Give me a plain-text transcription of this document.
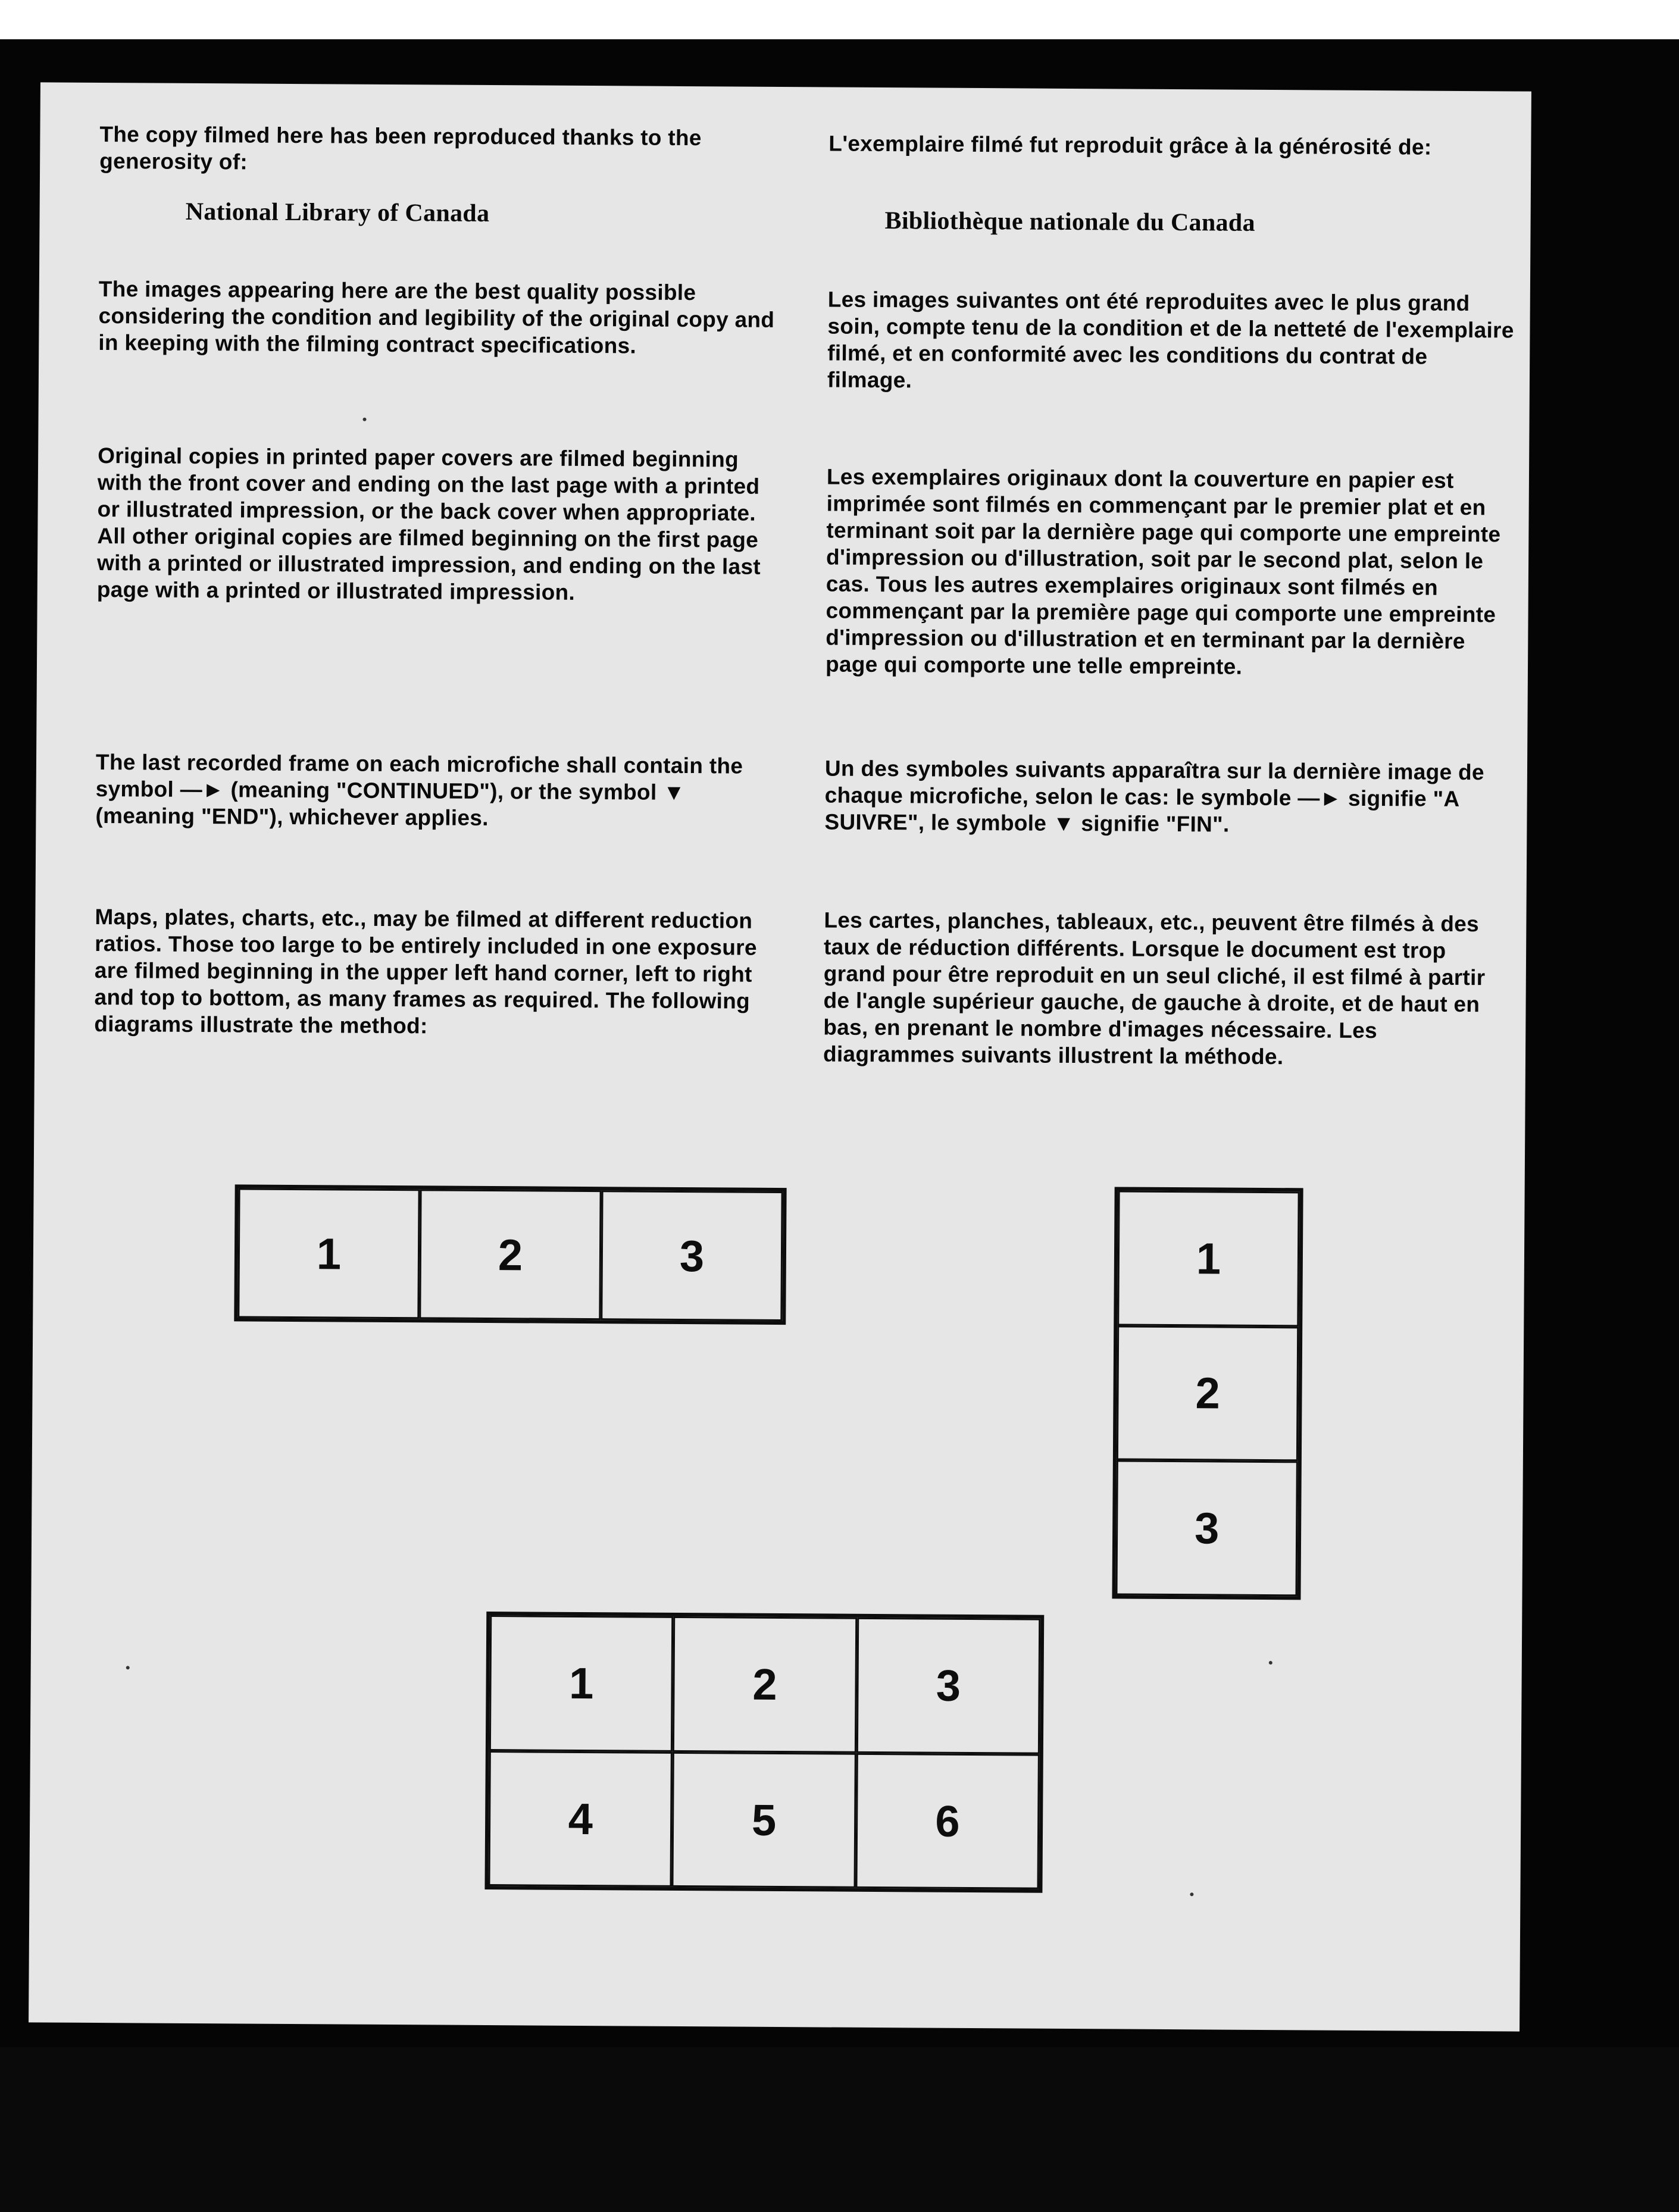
The copy filmed here has been reproduced thanks to the generosity of:

National Library of Canada

The images appearing here are the best quality possible considering the condition and legibility of the original copy and in keeping with the filming contract specifications.

Original copies in printed paper covers are filmed beginning with the front cover and ending on the last page with a printed or illustrated impression, or the back cover when appropriate. All other original copies are filmed beginning on the first page with a printed or illustrated impression, and ending on the last page with a printed or illustrated impression.

The last recorded frame on each microfiche shall contain the symbol —► (meaning "CONTINUED"), or the symbol ▼ (meaning "END"), whichever applies.

Maps, plates, charts, etc., may be filmed at different reduction ratios. Those too large to be entirely included in one exposure are filmed beginning in the upper left hand corner, left to right and top to bottom, as many frames as required. The following diagrams illustrate the method:

L'exemplaire filmé fut reproduit grâce à la générosité de:

Bibliothèque nationale du Canada

Les images suivantes ont été reproduites avec le plus grand soin, compte tenu de la condition et de la netteté de l'exemplaire filmé, et en conformité avec les conditions du contrat de filmage.

Les exemplaires originaux dont la couverture en papier est imprimée sont filmés en commençant par le premier plat et en terminant soit par la dernière page qui comporte une empreinte d'impression ou d'illustration, soit par le second plat, selon le cas. Tous les autres exemplaires originaux sont filmés en commençant par la première page qui comporte une empreinte d'impression ou d'illustration et en terminant par la dernière page qui comporte une telle empreinte.

Un des symboles suivants apparaîtra sur la dernière image de chaque microfiche, selon le cas: le symbole —► signifie "A SUIVRE", le symbole ▼ signifie "FIN".

Les cartes, planches, tableaux, etc., peuvent être filmés à des taux de réduction différents. Lorsque le document est trop grand pour être reproduit en un seul cliché, il est filmé à partir de l'angle supérieur gauche, de gauche à droite, et de haut en bas, en prenant le nombre d'images nécessaire. Les diagrammes suivants illustrent la méthode.

1	2	3	1
2
3
1	2	3
4	5	6
